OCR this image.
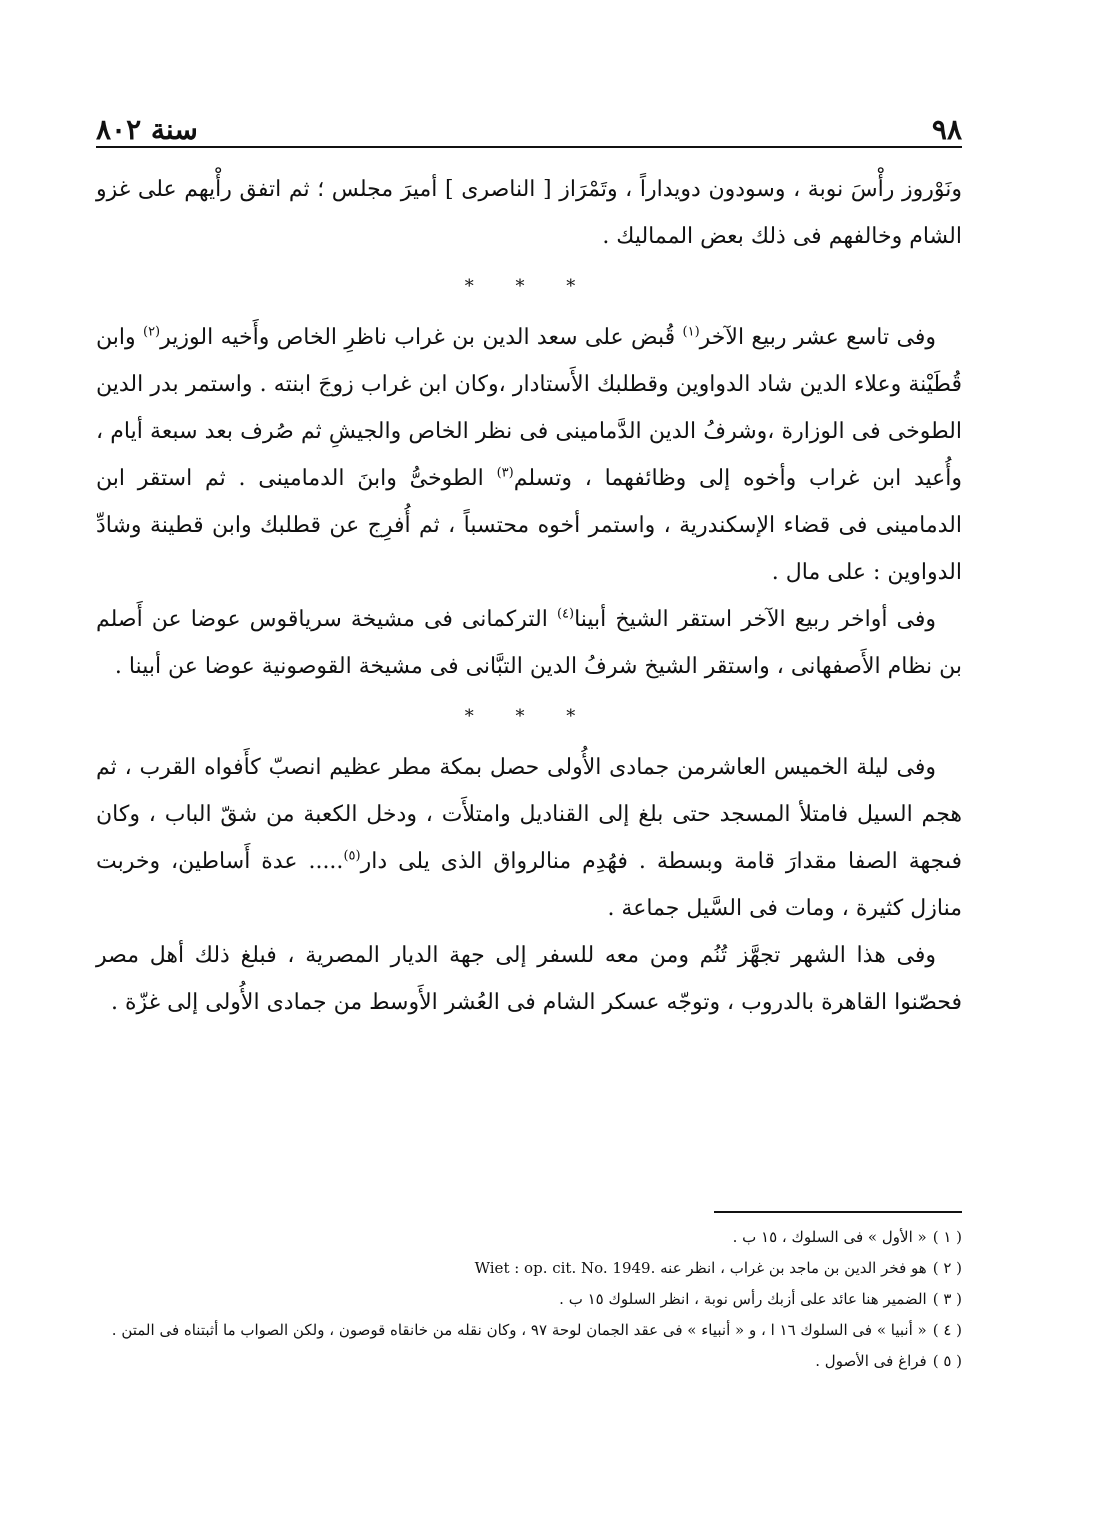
سنة ٨٠٢	٩٨

ونَوْروز رأْسَ نوبة ، وسودون دويداراً ، وتَمْرَاز [ الناصرى ] أميرَ مجلس ؛ ثم اتفق رأْيهم على غزو الشام وخالفهم فى ذلك بعض المماليك .

* * *

وفى تاسع عشر ربيع الآخر$^{(١)}$ قُبض على سعد الدين بن غراب ناظرِ الخاص وأَخيه الوزير$^{(٢)}$ وابن قُطَيْنة وعلاء الدين شاد الدواوين وقطلبك الأَستادار ،وكان ابن غراب زوجَ ابنته . واستمر بدر الدين الطوخى فى الوزارة ،وشرفُ الدين الدَّمامينى فى نظر الخاص والجيشِ ثم صُرف بعد سبعة أيام ، وأُعيد ابن غراب وأخوه إلى وظائفهما ، وتسلم$^{(٣)}$ الطوخىُّ وابنَ الدمامينى . ثم استقر ابن الدمامينى فى قضاء الإسكندرية ، واستمر أخوه محتسباً ، ثم أُفرِج عن قطلبك وابن قطينة وشادِّ الدواوين : على مال .

وفى أواخر ربيع الآخر استقر الشيخ أبينا$^{(٤)}$ التركمانى فى مشيخة سرياقوس عوضا عن أَصلم بن نظام الأَصفهانى ، واستقر الشيخ شرفُ الدين التبَّانى فى مشيخة القوصونية عوضا عن أبينا .

* * *

وفى ليلة الخميس العاشرمن جمادى الأُولى حصل بمكة مطر عظيم انصبّ كأَفواه القرب ، ثم هجم السيل فامتلأ المسجد حتى بلغ إلى القناديل وامتلأَت ، ودخل الكعبة من شقّ الباب ، وكان فىجهة الصفا مقدارَ قامة وبسطة . فهُدِم منالرواق الذى يلى دار$^{(٥)}$..... عدة أَساطين، وخربت منازل كثيرة ، ومات فى السَّيل جماعة .

وفى هذا الشهر تجهَّز تُنُم ومن معه للسفر إلى جهة الديار المصرية ، فبلغ ذلك أهل مصر فحصّنوا القاهرة بالدروب ، وتوجّه عسكر الشام فى العُشر الأَوسط من جمادى الأُولى إلى غزّة .

( ١ )« الأول » فى السلوك ، ١٥ ب .

( ٢ )هو فخر الدين بن ماجد بن غراب ، انظر عنه Wiet : op. cit. No. 1949.

( ٣ )الضمير هنا عائد على أزبك رأس نوبة ، انظر السلوك ١٥ ب .

( ٤ )« أنبيا » فى السلوك ١٦ ا ، و « أنبياء » فى عقد الجمان لوحة ٩٧ ، وكان نقله من خانقاه قوصون ، ولكن الصواب ما أثبتناه فى المتن .

( ٥ )فراغ فى الأصول .
